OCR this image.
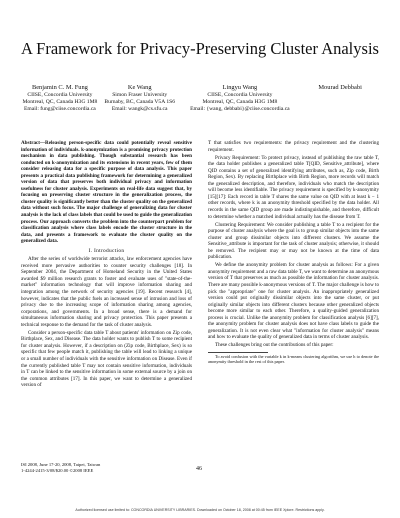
A Framework for Privacy-Preserving Cluster Analysis
Benjamin C. M. Fung
CIISE, Concordia University
Montreal, QC, Canada H3G 1M8
Email: fung@ciise.concordia.ca
Ke Wang
Simon Fraser University
Burnaby, BC, Canada V5A 1S6
Email: wangk@cs.sfu.ca
Lingyu Wang
CIISE, Concordia University
Montreal, QC, Canada H3G 1M8
Email: {wang, debbabi}@ciise.concordia.ca
Mourad Debbabi

Abstract—Releasing person-specific data could potentially reveal sensitive information of individuals. k-anonymization is a promising privacy protection mechanism in data publishing. Though substantial research has been conducted on k-anonymization and its extensions in recent years, few of them consider releasing data for a specific purpose of data analysis. This paper presents a practical data publishing framework for determining a generalized version of data that preserves both individual privacy and information usefulness for cluster analysis. Experiments on real-life data suggest that, by focusing on preserving cluster structure in the generalization process, the cluster quality is significantly better than the cluster quality on the generalized data without such focus. The major challenge of generalizing data for cluster analysis is the lack of class labels that could be used to guide the generalization process. Our approach converts the problem into the counterpart problem for classification analysis where class labels encode the cluster structure in the data, and presents a framework to evaluate the cluster quality on the generalized data.

I. Introduction

After the series of worldwide terrorist attacks, law enforcement agencies have received more pervasive authorities to counter security challenges [18]. In September 2004, the Department of Homeland Security in the United States awarded $9 million research grants to foster and evaluate uses of "state-of-the-market" information technology that will improve information sharing and integration among the network of security agencies [19]. Recent research [4], however, indicates that the public fuels an increased sense of intrusion and loss of privacy due to the increasing scope of information sharing among agencies, corporations, and governments. In a broad sense, there is a demand for simultaneous information sharing and privacy protection. This paper presents a technical response to the demand for the task of cluster analysis.

Consider a person-specific data table T about patients' information on Zip code, Birthplace, Sex, and Disease. The data holder wants to publish T to some recipient for cluster analysis. However, if a description on (Zip code, Birthplace, Sex) is so specific that few people match it, publishing the table will lead to linking a unique or a small number of individuals with the sensitive information on Disease. Even if the currently published table T may not contain sensitive information, individuals in T can be linked to the sensitive information in some external source by a join on the common attributes [17]. In this paper, we want to determine a generalized version of

T that satisfies two requirements: the privacy requirement and the clustering requirement.

Privacy Requirement: To protect privacy, instead of publishing the raw table T, the data holder publishes a generalized table T[QID, Sensitive_attribute], where QID contains a set of generalized identifying attributes, such as, Zip code, Birth Region, Sex). By replacing Birthplace with Birth Region, more records will match the generalized description, and therefore, individuals who match the description will become less identifiable. The privacy requirement is specified by k-anonymity [15][17]: Each record in table T shares the same value on QID with at least k − 1 other records, where k is an anonymity threshold specified by the data holder. All records in the same QID group are made indistinguishable, and therefore, difficult to determine whether a matched individual actually has the disease from T.

Clustering Requirement: We consider publishing a table T to a recipient for the purpose of cluster analysis where the goal is to group similar objects into the same cluster and group dissimilar objects into different clusters. We assume the Sensitive_attribute is important for the task of cluster analysis; otherwise, it should be removed. The recipient may or may not be known at the time of data publication.

We define the anonymity problem for cluster analysis as follows: For a given anonymity requirement and a raw data table T, we want to determine an anonymous version of T that preserves as much as possible the information for cluster analysis. There are many possible k-anonymous versions of T. The major challenge is how to pick the "appropriate" one for cluster analysis. An inappropriately generalized version could put originally dissimilar objects into the same cluster, or put originally similar objects into different clusters because other generalized objects become more similar to each other. Therefore, a quality-guided generalization process is crucial. Unlike the anonymity problem for classification analysis [6][7], the anonymity problem for cluster analysis does not have class labels to guide the generalization. It is not even clear what "information for cluster analysis" means and how to evaluate the quality of generalized data in terms of cluster analysis.

These challenges bring out the contributions of this paper:

To avoid confusion with the variable k in k-means clustering algorithm, we use h to denote the anonymity threshold in the rest of this paper.

ISI 2008, June 17-20, 2008, Taipei, Taiwan
1-4244-2415-3/08/$20.00 ©2008 IEEE	46
Authorized licensed use limited to: CONCORDIA UNIVERSITY LIBRARIES. Downloaded on October 18, 2008 at 00:45 from IEEE Xplore. Restrictions apply.
